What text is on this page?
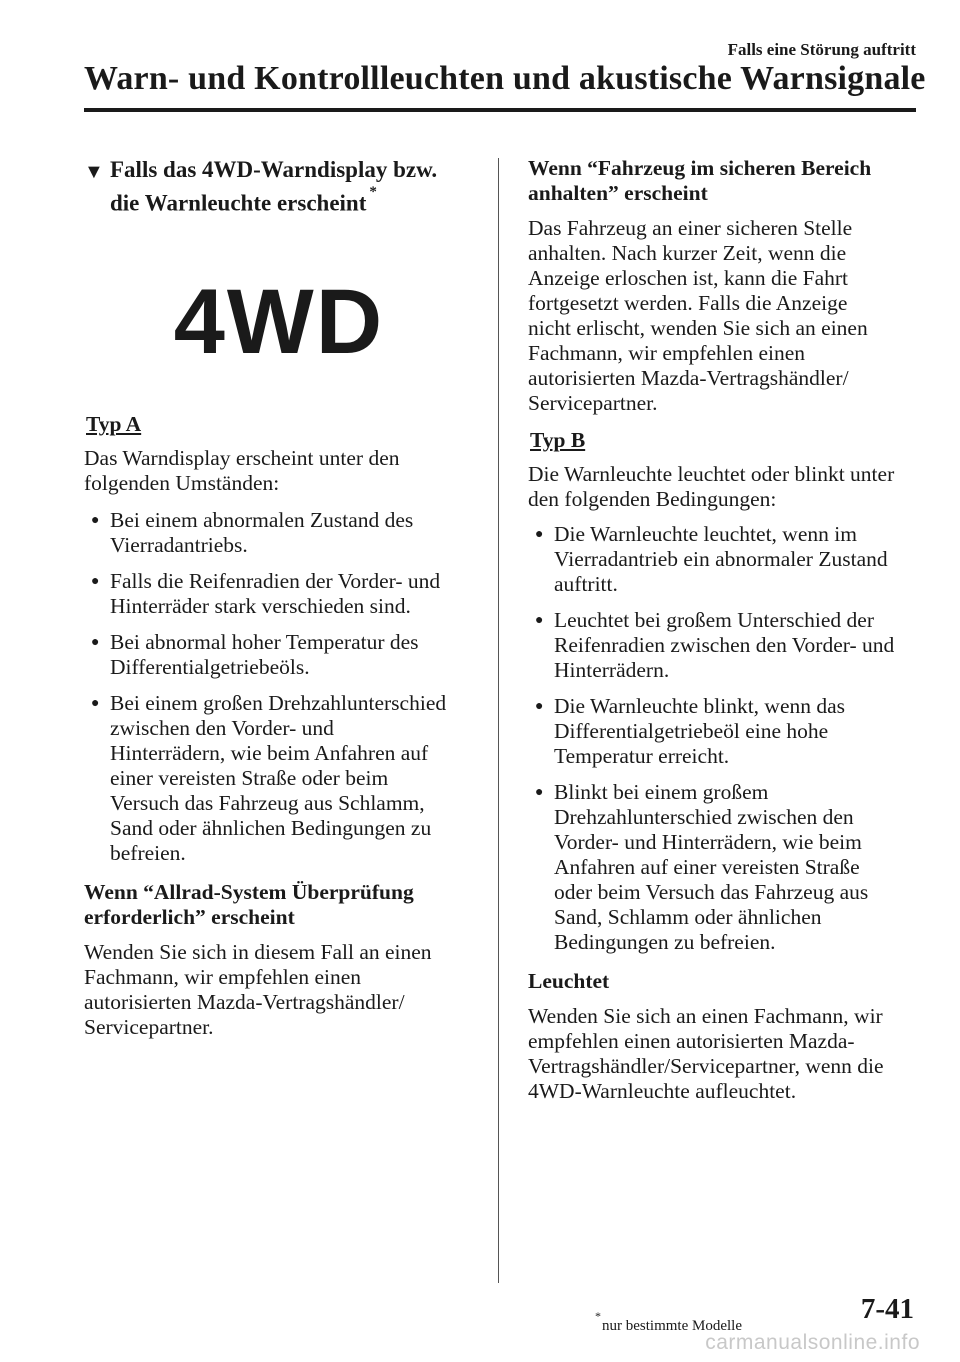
Falls eine Störung auftritt
Warn- und Kontrollleuchten und akustische Warnsignale
▼ Falls das 4WD-Warndisplay bzw.
die Warnleuchte erscheint *
4WD
Typ A
Das Warndisplay erscheint unter den
folgenden Umständen:
● Bei einem abnormalen Zustand des
Vierradantriebs.
● Falls die Reifenradien der Vorder- und
Hinterräder stark verschieden sind.
● Bei abnormal hoher Temperatur des
Differentialgetriebeöls.
● Bei einem großen Drehzahlunterschied
zwischen den Vorder- und
Hinterrädern, wie beim Anfahren auf
einer vereisten Straße oder beim
Versuch das Fahrzeug aus Schlamm,
Sand oder ähnlichen Bedingungen zu
befreien.
Wenn “Allrad-System Überprüfung
erforderlich” erscheint
Wenden Sie sich in diesem Fall an einen
Fachmann, wir empfehlen einen
autorisierten Mazda-Vertragshändler/
Servicepartner.
Wenn “Fahrzeug im sicheren Bereich
anhalten” erscheint
Das Fahrzeug an einer sicheren Stelle
anhalten. Nach kurzer Zeit, wenn die
Anzeige erloschen ist, kann die Fahrt
fortgesetzt werden. Falls die Anzeige
nicht erlischt, wenden Sie sich an einen
Fachmann, wir empfehlen einen
autorisierten Mazda-Vertragshändler/
Servicepartner.
Typ B
Die Warnleuchte leuchtet oder blinkt unter
den folgenden Bedingungen:
● Die Warnleuchte leuchtet, wenn im
Vierradantrieb ein abnormaler Zustand
auftritt.
● Leuchtet bei großem Unterschied der
Reifenradien zwischen den Vorder- und
Hinterrädern.
● Die Warnleuchte blinkt, wenn das
Differentialgetriebeöl eine hohe
Temperatur erreicht.
● Blinkt bei einem großem
Drehzahlunterschied zwischen den
Vorder- und Hinterrädern, wie beim
Anfahren auf einer vereisten Straße
oder beim Versuch das Fahrzeug aus
Sand, Schlamm oder ähnlichen
Bedingungen zu befreien.
Leuchtet
Wenden Sie sich an einen Fachmann, wir
empfehlen einen autorisierten Mazda-
Vertragshändler/Servicepartner, wenn die
4WD-Warnleuchte aufleuchtet.
*nur bestimmte Modelle
7-41
carmanualsonline.info
